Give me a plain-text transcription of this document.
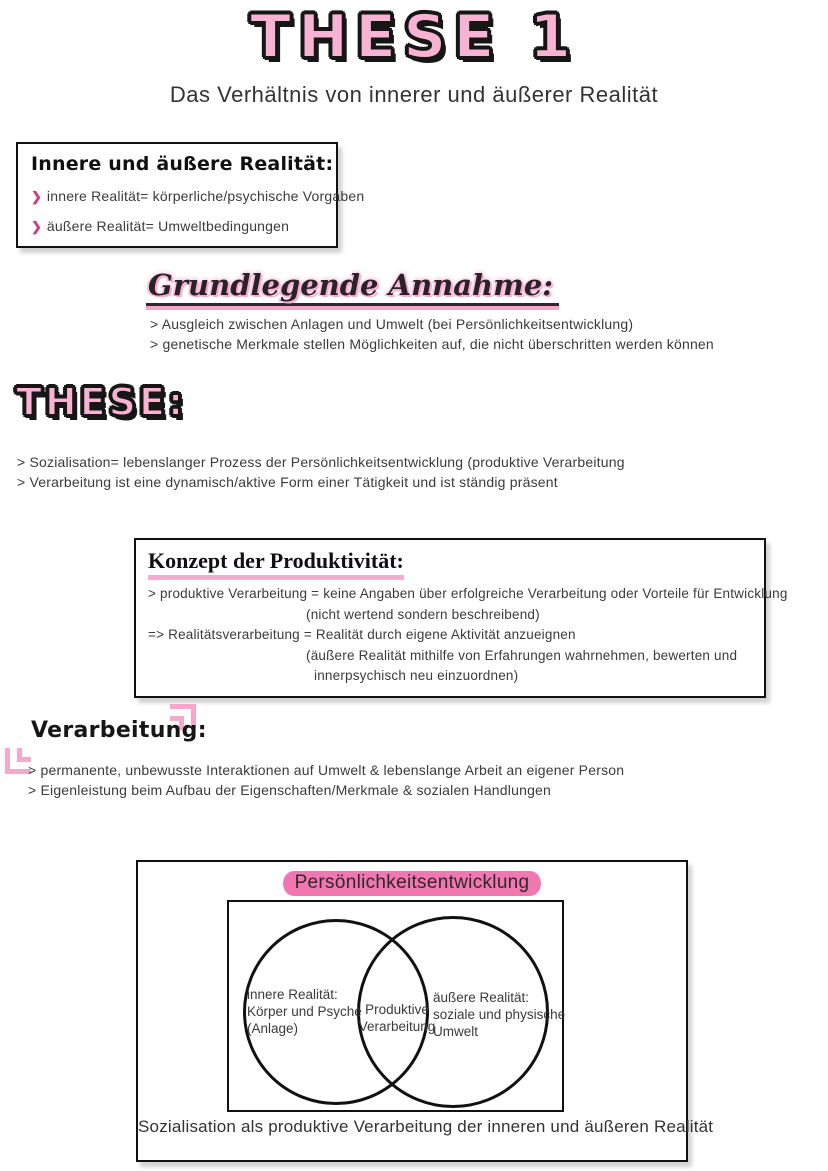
THESE 1
Das Verhältnis von innerer und äußerer Realität
Innere und äußere Realität:
❯ innere Realität= körperliche/psychische Vorgaben
❯ äußere Realität= Umweltbedingungen
Grundlegende Annahme:
> Ausgleich zwischen Anlagen und Umwelt (bei Persönlichkeitsentwicklung)
> genetische Merkmale stellen Möglichkeiten auf, die nicht überschritten werden können
THESE:
> Sozialisation= lebenslanger Prozess der Persönlichkeitsentwicklung (produktive Verarbeitung
> Verarbeitung ist eine dynamisch/aktive Form einer Tätigkeit und ist ständig präsent
Konzept der Produktivität:
> produktive Verarbeitung = keine Angaben über erfolgreiche Verarbeitung oder Vorteile für Entwicklung
(nicht wertend sondern beschreibend)
=> Realitätsverarbeitung = Realität durch eigene Aktivität anzueignen
(äußere Realität mithilfe von Erfahrungen wahrnehmen, bewerten und
innerpsychisch neu einzuordnen)
Verarbeitung:
> permanente, unbewusste Interaktionen auf Umwelt & lebenslange Arbeit an eigener Person
> Eigenleistung beim Aufbau der Eigenschaften/Merkmale & sozialen Handlungen
Persönlichkeitsentwicklung
innere Realität:
Körper und Psyche
(Anlage)
Produktive
Verarbeitung
äußere Realität:
soziale und physische
Umwelt
Sozialisation als produktive Verarbeitung der inneren und äußeren Realität
